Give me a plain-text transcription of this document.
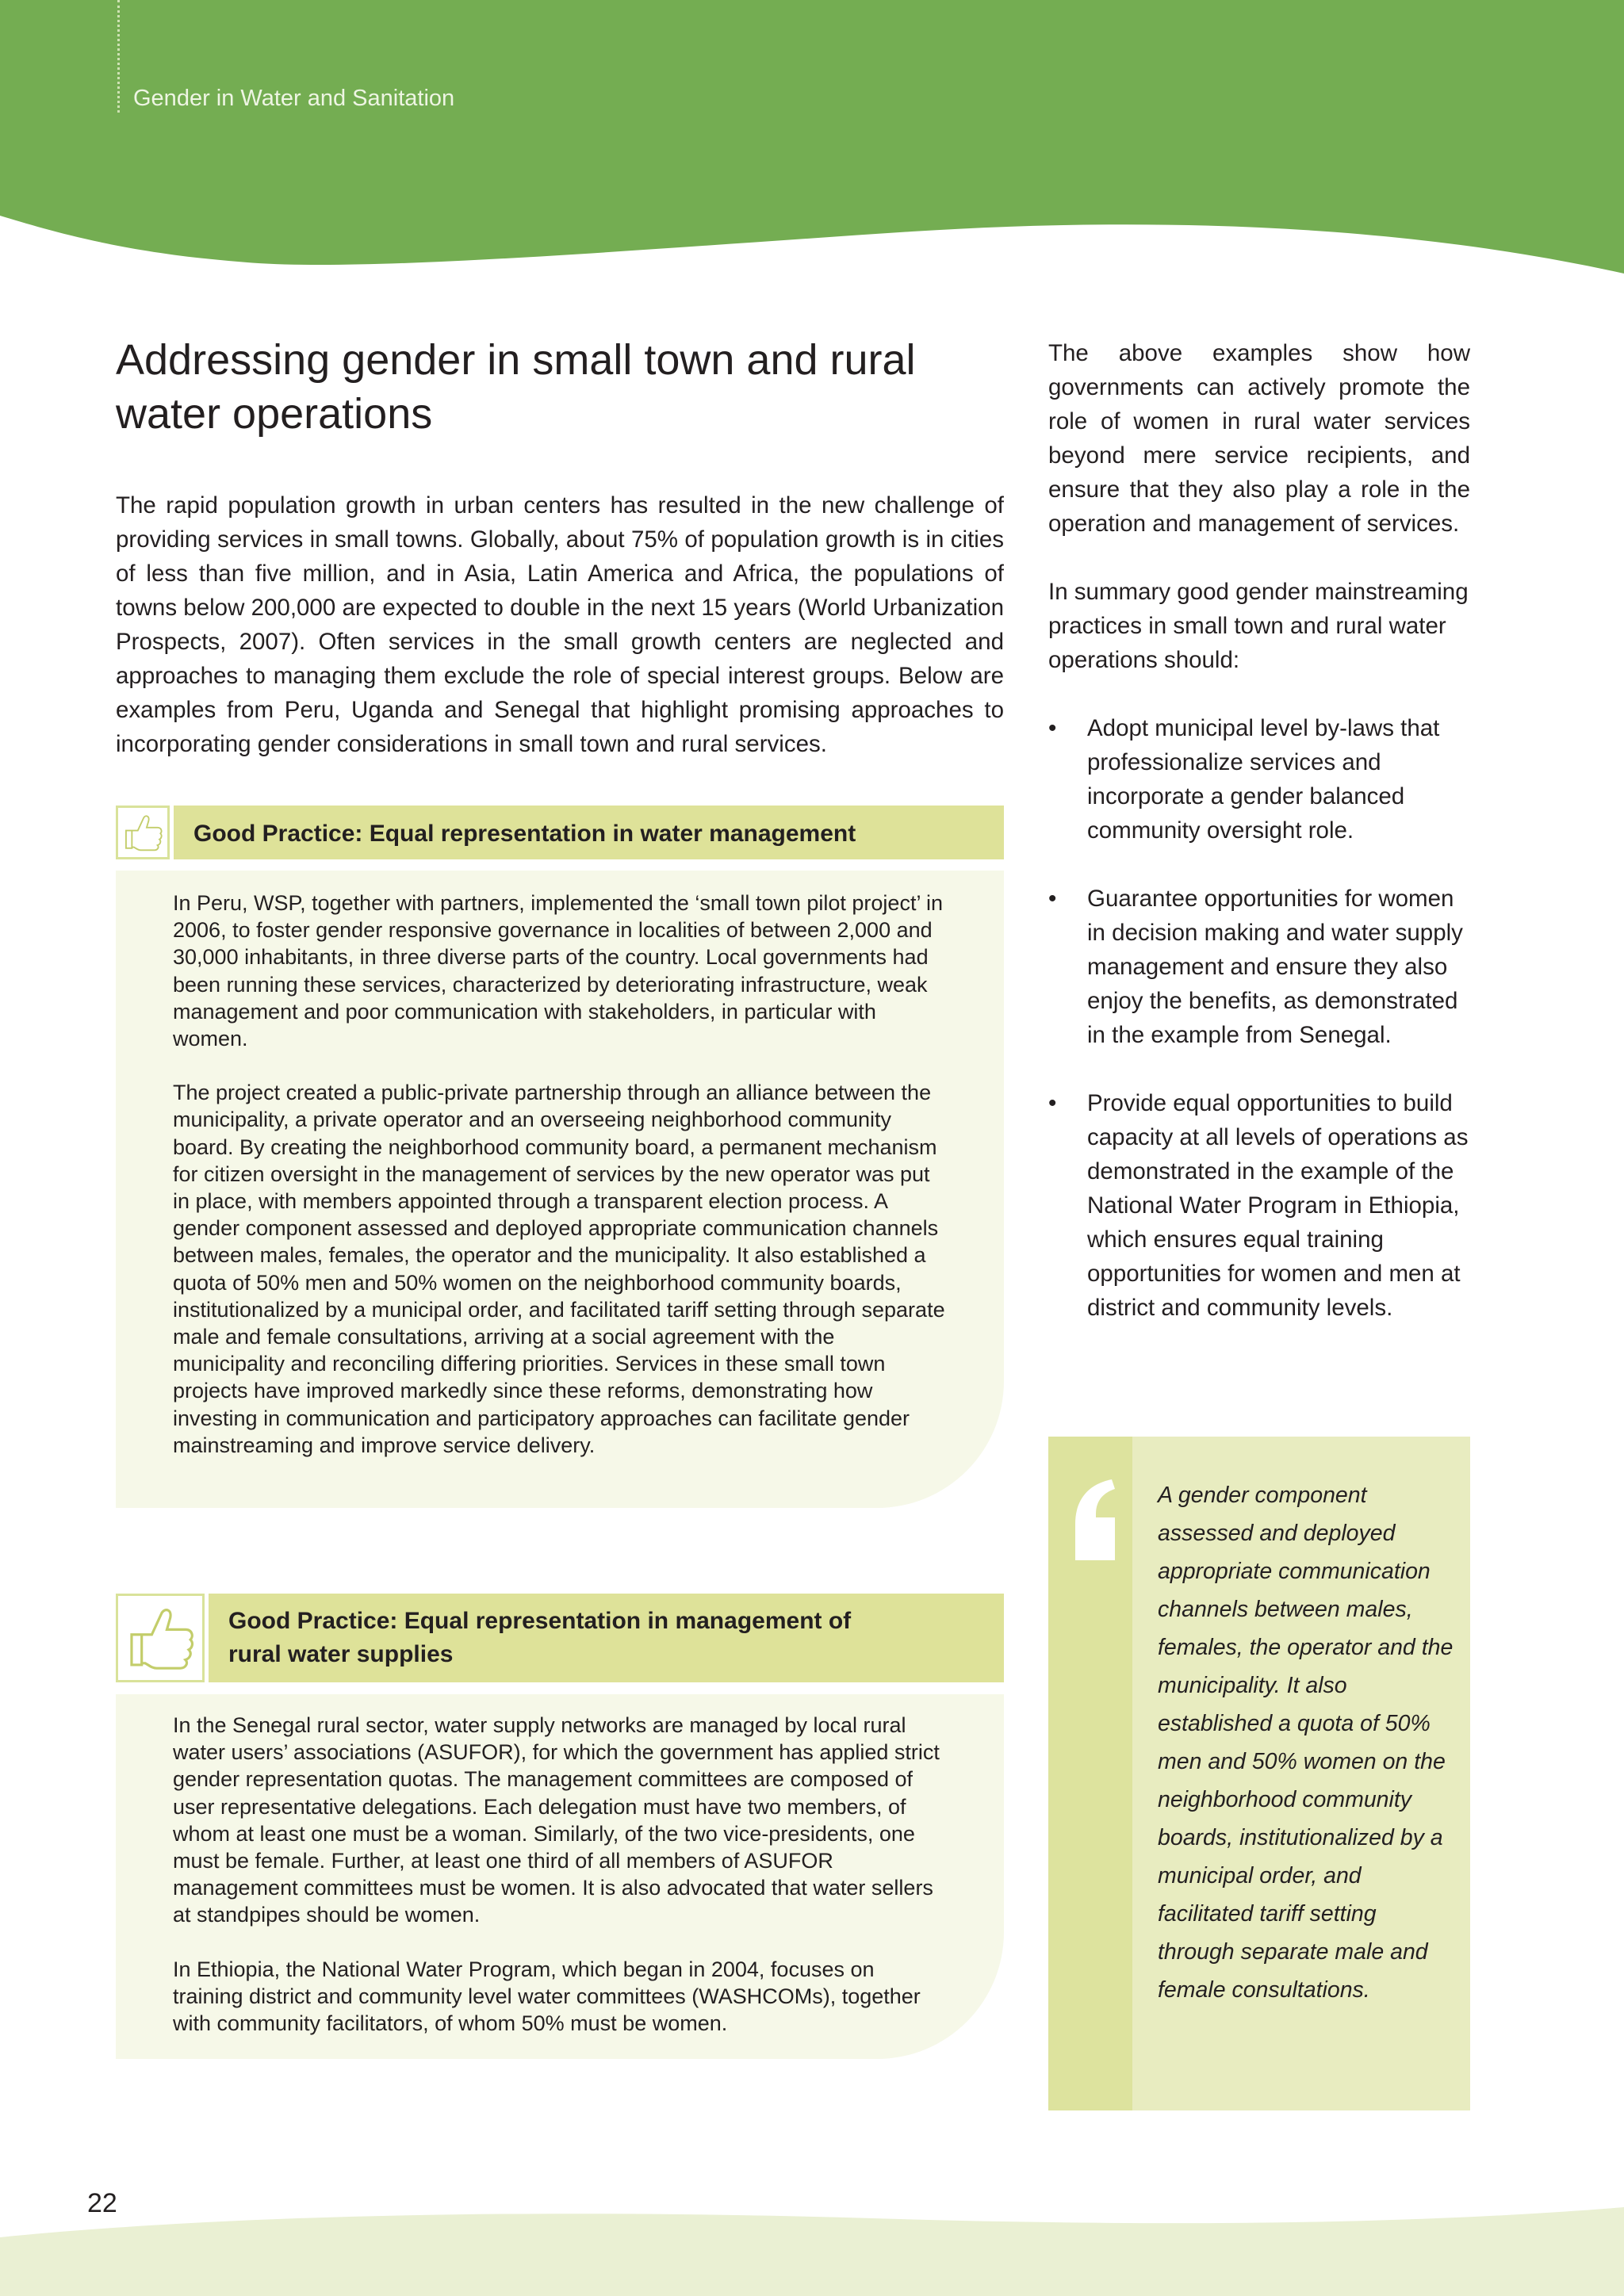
Gender in Water and Sanitation
Addressing gender in small town and rural water operations

The rapid population growth in urban centers has resulted in the new challenge of providing services in small towns. Globally, about 75% of population growth is in cities of less than five million, and in Asia, Latin America and Africa, the populations of towns below 200,000 are expected to double in the next 15 years (World Urbanization Prospects, 2007). Often services in the small growth centers are neglected and approaches to managing them exclude the role of special interest groups. Below are examples from Peru, Uganda and Senegal that highlight promising approaches to incorporating gender considerations in small town and rural services.

Good Practice: Equal representation in water management

In Peru, WSP, together with partners, implemented the ‘small town pilot project’ in 2006, to foster gender responsive governance in localities of between 2,000 and 30,000 inhabitants, in three diverse parts of the country. Local governments had been running these services, characterized by deteriorating infrastructure, weak management and poor communication with stakeholders, in particular with women.

The project created a public-private partnership through an alliance between the municipality, a private operator and an overseeing neighborhood community board. By creating the neighborhood community board, a permanent mechanism for citizen oversight in the management of services by the new operator was put in place, with members appointed through a transparent election process. A gender component assessed and deployed appropriate communication channels between males, females, the operator and the municipality. It also established a quota of 50% men and 50% women on the neighborhood community boards, institutionalized by a municipal order, and facilitated tariff setting through separate male and female consultations, arriving at a social agreement with the municipality and reconciling differing priorities. Services in these small town projects have improved markedly since these reforms, demonstrating how investing in communication and participatory approaches can facilitate gender mainstreaming and improve service delivery.

Good Practice: Equal representation in management of rural water supplies

In the Senegal rural sector, water supply networks are managed by local rural water users’ associations (ASUFOR), for which the government has applied strict gender representation quotas. The management committees are composed of user representative delegations. Each delegation must have two members, of whom at least one must be a woman. Similarly, of the two vice-presidents, one must be female. Further, at least one third of all members of ASUFOR management committees must be women. It is also advocated that water sellers at standpipes should be women.

In Ethiopia, the National Water Program, which began in 2004, focuses on training district and community level water committees (WASHCOMs), together with community facilitators, of whom 50% must be women.

The above examples show how governments can actively promote the role of women in rural water services beyond mere service recipients, and ensure that they also play a role in the operation and management of services.

In summary good gender mainstreaming practices in small town and rural water operations should:

• Adopt municipal level by-laws that professionalize services and incorporate a gender balanced community oversight role.
• Guarantee opportunities for women in decision making and water supply management and ensure they also enjoy the benefits, as demonstrated in the example from Senegal.
• Provide equal opportunities to build capacity at all levels of operations as demonstrated in the example of the National Water Program in Ethiopia, which ensures equal training opportunities for women and men at district and community levels.

A gender component assessed and deployed appropriate communication channels between males, females, the operator and the municipality. It also established a quota of 50% men and 50% women on the neighborhood community boards, institutionalized by a municipal order, and facilitated tariff setting through separate male and female consultations.

22
